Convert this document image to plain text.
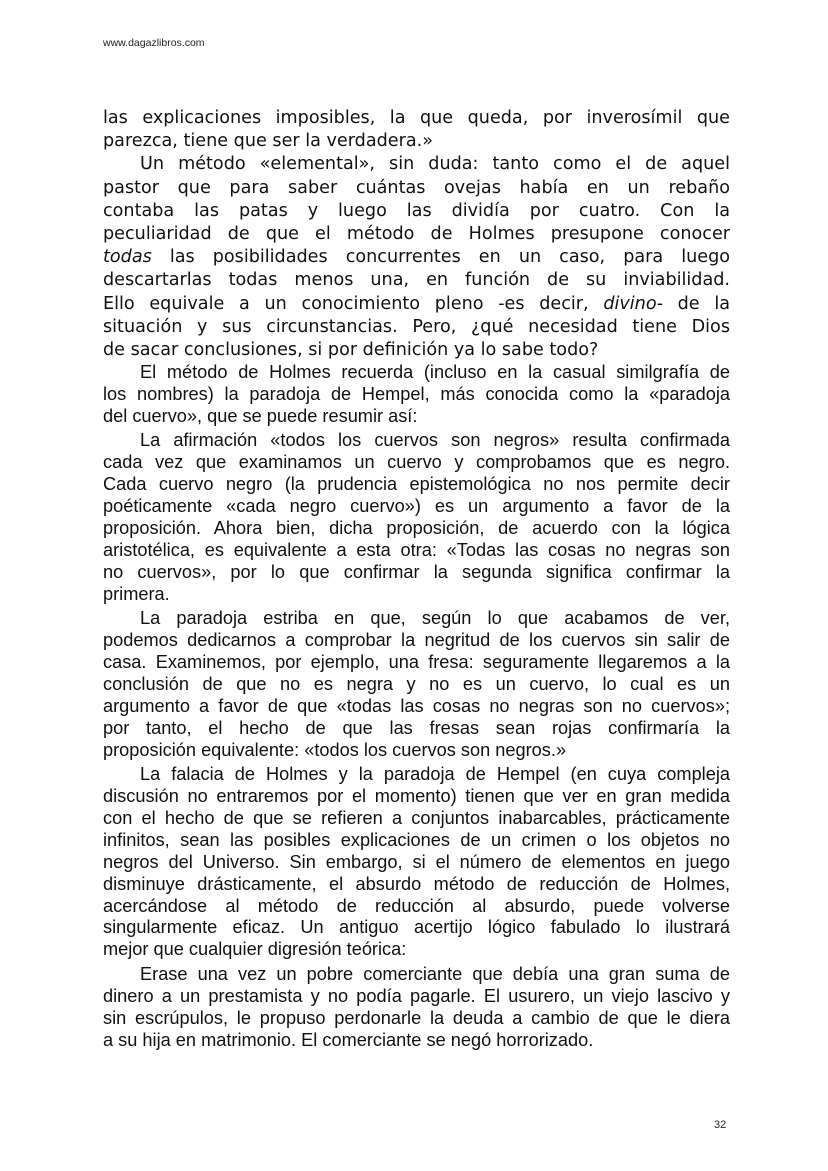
www.dagazlibros.com
las explicaciones imposibles, la que queda, por inverosímil que
parezca, tiene que ser la verdadera.»
Un método «elemental», sin duda: tanto como el de aquel
pastor que para saber cuántas ovejas había en un rebaño
contaba las patas y luego las dividía por cuatro. Con la
peculiaridad de que el método de Holmes presupone conocer
todas las posibilidades concurrentes en un caso, para luego
descartarlas todas menos una, en función de su inviabilidad.
Ello equivale a un conocimiento pleno -es decir, divino- de la
situación y sus circunstancias. Pero, ¿qué necesidad tiene Dios
de sacar conclusiones, si por definición ya lo sabe todo?
El método de Holmes recuerda (incluso en la casual similgrafía de
los nombres) la paradoja de Hempel, más conocida como la «paradoja
del cuervo», que se puede resumir así:
La afirmación «todos los cuervos son negros» resulta confirmada
cada vez que examinamos un cuervo y comprobamos que es negro.
Cada cuervo negro (la prudencia epistemológica no nos permite decir
poéticamente «cada negro cuervo») es un argumento a favor de la
proposición. Ahora bien, dicha proposición, de acuerdo con la lógica
aristotélica, es equivalente a esta otra: «Todas las cosas no negras son
no cuervos», por lo que confirmar la segunda significa confirmar la
primera.
La paradoja estriba en que, según lo que acabamos de ver,
podemos dedicarnos a comprobar la negritud de los cuervos sin salir de
casa. Examinemos, por ejemplo, una fresa: seguramente llegaremos a la
conclusión de que no es negra y no es un cuervo, lo cual es un
argumento a favor de que «todas las cosas no negras son no cuervos»;
por tanto, el hecho de que las fresas sean rojas confirmaría la
proposición equivalente: «todos los cuervos son negros.»
La falacia de Holmes y la paradoja de Hempel (en cuya compleja
discusión no entraremos por el momento) tienen que ver en gran medida
con el hecho de que se refieren a conjuntos inabarcables, prácticamente
infinitos, sean las posibles explicaciones de un crimen o los objetos no
negros del Universo. Sin embargo, si el número de elementos en juego
disminuye drásticamente, el absurdo método de reducción de Holmes,
acercándose al método de reducción al absurdo, puede volverse
singularmente eficaz. Un antiguo acertijo lógico fabulado lo ilustrará
mejor que cualquier digresión teórica:
Erase una vez un pobre comerciante que debía una gran suma de
dinero a un prestamista y no podía pagarle. El usurero, un viejo lascivo y
sin escrúpulos, le propuso perdonarle la deuda a cambio de que le diera
a su hija en matrimonio. El comerciante se negó horrorizado.
32
